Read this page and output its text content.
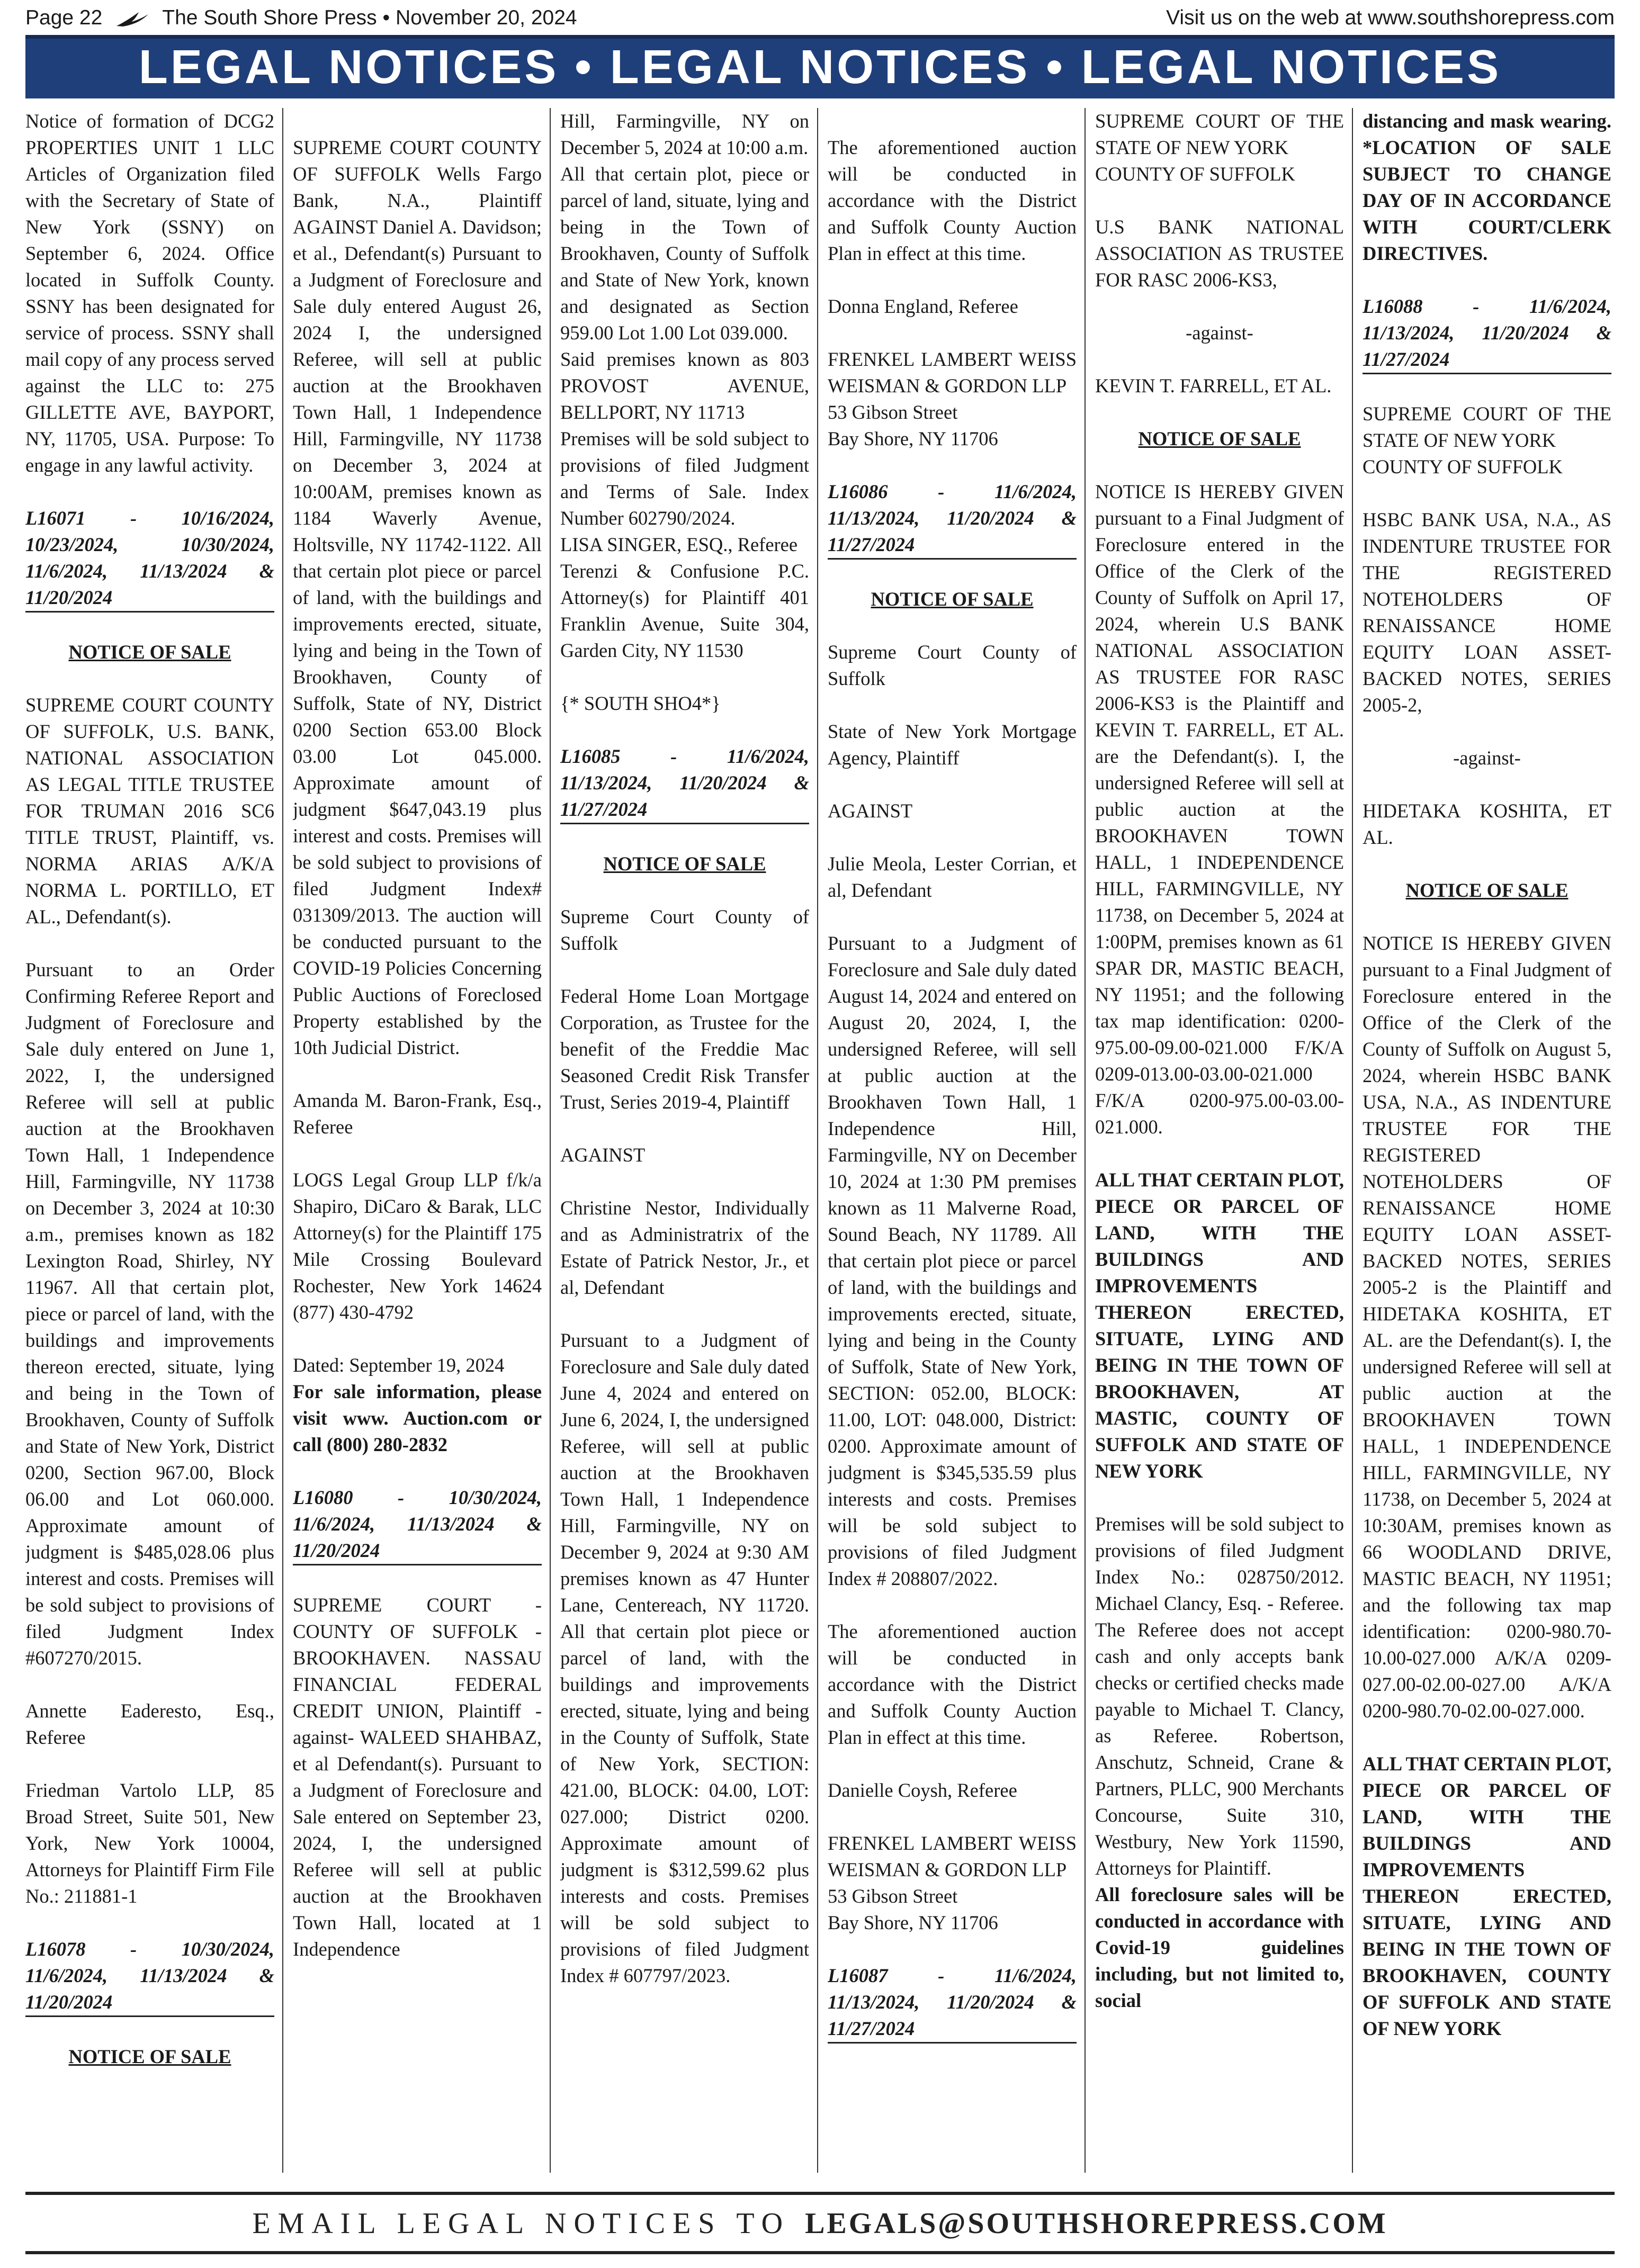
Page 22	The South Shore Press • November 20, 2024	Visit us on the web at www.southshorepress.com
LEGAL NOTICES • LEGAL NOTICES • LEGAL NOTICES

Notice of formation of DCG2 PROPERTIES UNIT 1 LLC Articles of Organization filed with the Secretary of State of New York (SSNY) on September 6, 2024. Office located in Suffolk County. SSNY has been designated for service of process. SSNY shall mail copy of any process served against the LLC to: 275 GILLETTE AVE, BAYPORT, NY, 11705, USA. Purpose: To engage in any lawful activity.

L16071 - 10/16/2024, 10/23/2024, 10/30/2024, 11/6/2024, 11/13/2024 & 11/20/2024

NOTICE OF SALE

SUPREME COURT COUNTY OF SUFFOLK, U.S. BANK, NATIONAL ASSOCIATION AS LEGAL TITLE TRUSTEE FOR TRUMAN 2016 SC6 TITLE TRUST, Plaintiff, vs. NORMA ARIAS A/K/A NORMA L. PORTILLO, ET AL., Defendant(s).

Pursuant to an Order Confirming Referee Report and Judgment of Foreclosure and Sale duly entered on June 1, 2022, I, the undersigned Referee will sell at public auction at the Brookhaven Town Hall, 1 Independence Hill, Farmingville, NY 11738 on December 3, 2024 at 10:30 a.m., premises known as 182 Lexington Road, Shirley, NY 11967. All that certain plot, piece or parcel of land, with the buildings and improvements thereon erected, situate, lying and being in the Town of Brookhaven, County of Suffolk and State of New York, District 0200, Section 967.00, Block 06.00 and Lot 060.000. Approximate amount of judgment is $485,028.06 plus interest and costs. Premises will be sold subject to provisions of filed Judgment Index #607270/2015.

Annette Eaderesto, Esq., Referee

Friedman Vartolo LLP, 85 Broad Street, Suite 501, New York, New York 10004, Attorneys for Plaintiff Firm File No.: 211881-1

L16078 - 10/30/2024, 11/6/2024, 11/13/2024 & 11/20/2024

NOTICE OF SALE

SUPREME COURT COUNTY OF SUFFOLK Wells Fargo Bank, N.A., Plaintiff AGAINST Daniel A. Davidson; et al., Defendant(s) Pursuant to a Judgment of Foreclosure and Sale duly entered August 26, 2024 I, the undersigned Referee, will sell at public auction at the Brookhaven Town Hall, 1 Independence Hill, Farmingville, NY 11738 on December 3, 2024 at 10:00AM, premises known as 1184 Waverly Avenue, Holtsville, NY 11742-1122. All that certain plot piece or parcel of land, with the buildings and improvements erected, situate, lying and being in the Town of Brookhaven, County of Suffolk, State of NY, District 0200 Section 653.00 Block 03.00 Lot 045.000. Approximate amount of judgment $647,043.19 plus interest and costs. Premises will be sold subject to provisions of filed Judgment Index# 031309/2013. The auction will be conducted pursuant to the COVID-19 Policies Concerning Public Auctions of Foreclosed Property established by the 10th Judicial District.

Amanda M. Baron-Frank, Esq., Referee

LOGS Legal Group LLP f/k/a Shapiro, DiCaro & Barak, LLC Attorney(s) for the Plaintiff 175 Mile Crossing Boulevard Rochester, New York 14624 (877) 430-4792

Dated: September 19, 2024

For sale information, please visit www. Auction.com or call (800) 280-2832

L16080 - 10/30/2024, 11/6/2024, 11/13/2024 & 11/20/2024

SUPREME COURT - COUNTY OF SUFFOLK - BROOKHAVEN. NASSAU FINANCIAL FEDERAL CREDIT UNION, Plaintiff -against- WALEED SHAHBAZ, et al Defendant(s). Pursuant to a Judgment of Foreclosure and Sale entered on September 23, 2024, I, the undersigned Referee will sell at public auction at the Brookhaven Town Hall, located at 1 Independence

Hill, Farmingville, NY on December 5, 2024 at 10:00 a.m.

All that certain plot, piece or parcel of land, situate, lying and being in the Town of Brookhaven, County of Suffolk and State of New York, known and designated as Section 959.00 Lot 1.00 Lot 039.000.

Said premises known as 803 PROVOST AVENUE, BELLPORT, NY 11713

Premises will be sold subject to provisions of filed Judgment and Terms of Sale. Index Number 602790/2024.

LISA SINGER, ESQ., Referee

Terenzi & Confusione P.C. Attorney(s) for Plaintiff 401 Franklin Avenue, Suite 304, Garden City, NY 11530

{* SOUTH SHO4*}

L16085 - 11/6/2024, 11/13/2024, 11/20/2024 & 11/27/2024

NOTICE OF SALE

Supreme Court County of Suffolk

Federal Home Loan Mortgage Corporation, as Trustee for the benefit of the Freddie Mac Seasoned Credit Risk Transfer Trust, Series 2019-4, Plaintiff

AGAINST

Christine Nestor, Individually and as Administratrix of the Estate of Patrick Nestor, Jr., et al, Defendant

Pursuant to a Judgment of Foreclosure and Sale duly dated June 4, 2024 and entered on June 6, 2024, I, the undersigned Referee, will sell at public auction at the Brookhaven Town Hall, 1 Independence Hill, Farmingville, NY on December 9, 2024 at 9:30 AM premises known as 47 Hunter Lane, Centereach, NY 11720. All that certain plot piece or parcel of land, with the buildings and improvements erected, situate, lying and being in the County of Suffolk, State of New York, SECTION: 421.00, BLOCK: 04.00, LOT: 027.000; District 0200. Approximate amount of judgment is $312,599.62 plus interests and costs. Premises will be sold subject to provisions of filed Judgment Index # 607797/2023.

The aforementioned auction will be conducted in accordance with the District and Suffolk County Auction Plan in effect at this time.

Donna England, Referee

FRENKEL LAMBERT WEISS WEISMAN & GORDON LLP

53 Gibson Street

Bay Shore, NY 11706

L16086 - 11/6/2024, 11/13/2024, 11/20/2024 & 11/27/2024

NOTICE OF SALE

Supreme Court County of Suffolk

State of New York Mortgage Agency, Plaintiff

AGAINST

Julie Meola, Lester Corrian, et al, Defendant

Pursuant to a Judgment of Foreclosure and Sale duly dated August 14, 2024 and entered on August 20, 2024, I, the undersigned Referee, will sell at public auction at the Brookhaven Town Hall, 1 Independence Hill, Farmingville, NY on December 10, 2024 at 1:30 PM premises known as 11 Malverne Road, Sound Beach, NY 11789. All that certain plot piece or parcel of land, with the buildings and improvements erected, situate, lying and being in the County of Suffolk, State of New York, SECTION: 052.00, BLOCK: 11.00, LOT: 048.000, District: 0200. Approximate amount of judgment is $345,535.59 plus interests and costs. Premises will be sold subject to provisions of filed Judgment Index # 208807/2022.

The aforementioned auction will be conducted in accordance with the District and Suffolk County Auction Plan in effect at this time.

Danielle Coysh, Referee

FRENKEL LAMBERT WEISS WEISMAN & GORDON LLP

53 Gibson Street

Bay Shore, NY 11706

L16087 - 11/6/2024, 11/13/2024, 11/20/2024 & 11/27/2024

SUPREME COURT OF THE STATE OF NEW YORK

COUNTY OF SUFFOLK

U.S BANK NATIONAL ASSOCIATION AS TRUSTEE FOR RASC 2006-KS3,

-against-

KEVIN T. FARRELL, ET AL.

NOTICE OF SALE

NOTICE IS HEREBY GIVEN pursuant to a Final Judgment of Foreclosure entered in the Office of the Clerk of the County of Suffolk on April 17, 2024, wherein U.S BANK NATIONAL ASSOCIATION AS TRUSTEE FOR RASC 2006-KS3 is the Plaintiff and KEVIN T. FARRELL, ET AL. are the Defendant(s). I, the undersigned Referee will sell at public auction at the BROOKHAVEN TOWN HALL, 1 INDEPENDENCE HILL, FARMINGVILLE, NY 11738, on December 5, 2024 at 1:00PM, premises known as 61 SPAR DR, MASTIC BEACH, NY 11951; and the following tax map identification: 0200-975.00-09.00-021.000 F/K/A 0209-013.00-03.00-021.000 F/K/A 0200-975.00-03.00-021.000.

ALL THAT CERTAIN PLOT, PIECE OR PARCEL OF LAND, WITH THE BUILDINGS AND IMPROVEMENTS THEREON ERECTED, SITUATE, LYING AND BEING IN THE TOWN OF BROOKHAVEN, AT MASTIC, COUNTY OF SUFFOLK AND STATE OF NEW YORK

Premises will be sold subject to provisions of filed Judgment Index No.: 028750/2012. Michael Clancy, Esq. - Referee. The Referee does not accept cash and only accepts bank checks or certified checks made payable to Michael T. Clancy, as Referee. Robertson, Anschutz, Schneid, Crane & Partners, PLLC, 900 Merchants Concourse, Suite 310, Westbury, New York 11590, Attorneys for Plaintiff.

All foreclosure sales will be conducted in accordance with Covid-19 guidelines including, but not limited to, social

distancing and mask wearing. *LOCATION OF SALE SUBJECT TO CHANGE DAY OF IN ACCORDANCE WITH COURT/CLERK DIRECTIVES.

L16088 - 11/6/2024, 11/13/2024, 11/20/2024 & 11/27/2024

SUPREME COURT OF THE STATE OF NEW YORK

COUNTY OF SUFFOLK

HSBC BANK USA, N.A., AS INDENTURE TRUSTEE FOR THE REGISTERED NOTEHOLDERS OF RENAISSANCE HOME EQUITY LOAN ASSET-BACKED NOTES, SERIES 2005-2,

-against-

HIDETAKA KOSHITA, ET AL.

NOTICE OF SALE

NOTICE IS HEREBY GIVEN pursuant to a Final Judgment of Foreclosure entered in the Office of the Clerk of the County of Suffolk on August 5, 2024, wherein HSBC BANK USA, N.A., AS INDENTURE TRUSTEE FOR THE REGISTERED NOTEHOLDERS OF RENAISSANCE HOME EQUITY LOAN ASSET-BACKED NOTES, SERIES 2005-2 is the Plaintiff and HIDETAKA KOSHITA, ET AL. are the Defendant(s). I, the undersigned Referee will sell at public auction at the BROOKHAVEN TOWN HALL, 1 INDEPENDENCE HILL, FARMINGVILLE, NY 11738, on December 5, 2024 at 10:30AM, premises known as 66 WOODLAND DRIVE, MASTIC BEACH, NY 11951; and the following tax map identification: 0200-980.70-10.00-027.000 A/K/A 0209-027.00-02.00-027.00 A/K/A 0200-980.70-02.00-027.000.

ALL THAT CERTAIN PLOT, PIECE OR PARCEL OF LAND, WITH THE BUILDINGS AND IMPROVEMENTS THEREON ERECTED, SITUATE, LYING AND BEING IN THE TOWN OF BROOKHAVEN, COUNTY OF SUFFOLK AND STATE OF NEW YORK

EMAIL LEGAL NOTICES TO LEGALS@SOUTHSHOREPRESS.COM
